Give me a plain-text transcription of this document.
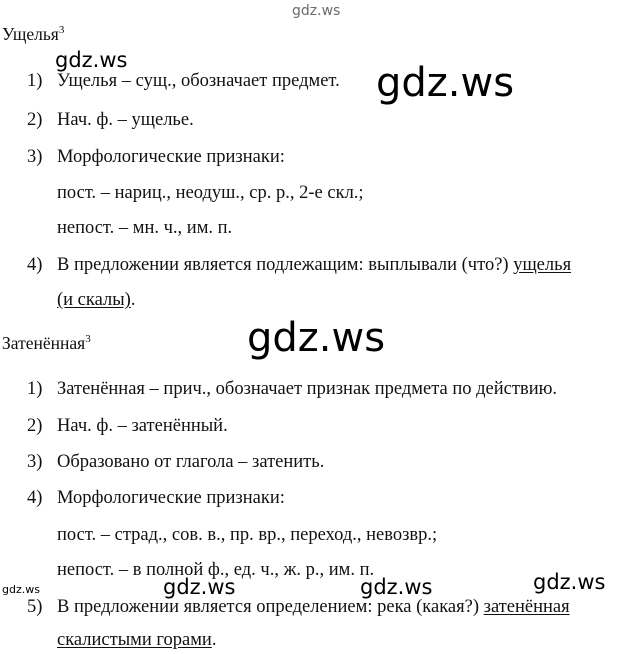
gdz.ws
gdz.ws
Ущелья$^3$
1) Ущелья – сущ., обозначает предмет.
2) Нач. ф. – ущелье.
3) Морфологические признаки:
пост. – нариц., неодуш., ср. р., 2-е скл.;
непост. – мн. ч., им. п.
4) В предложении является подлежащим: выплывали (что?) ущелья
(и скалы).
gdz.ws
gdz.ws
Затенённая$^3$
1) Затенённая – прич., обозначает признак предмета по действию.
2) Нач. ф. – затенённый.
3) Образовано от глагола – затенить.
4) Морфологические признаки:
пост. – страд., сов. в., пр. вр., переход., невозвр.;
непост. – в полной ф., ед. ч., ж. р., им. п.
5) В предложении является определением: река (какая?) затенённая
скалистыми горами.
gdz.ws	gdz.ws	gdz.ws
gdz.ws
